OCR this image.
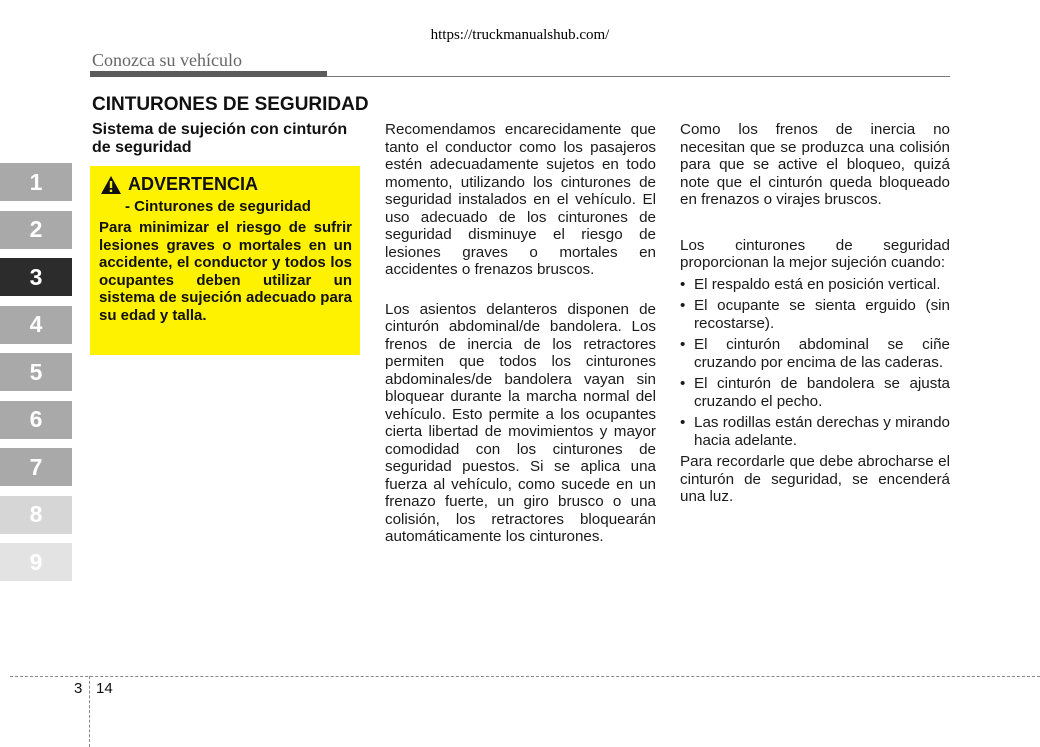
https://truckmanualshub.com/
Conozca su vehículo
CINTURONES DE SEGURIDAD
Sistema de sujeción con cinturón de seguridad
1
2
3
4
5
6
7
8
9
ADVERTENCIA
- Cinturones de seguridad
Para minimizar el riesgo de sufrir lesiones graves o mortales en un accidente, el conductor y todos los ocupantes deben utilizar un sistema de sujeción adecuado para su edad y talla.

Recomendamos encarecidamente que tanto el conductor como los pasajeros estén adecuadamente sujetos en todo momento, utilizando los cinturones de seguridad instalados en el vehículo. El uso adecuado de los cinturones de seguridad disminuye el riesgo de lesiones graves o mortales en accidentes o frenazos bruscos.

Los asientos delanteros disponen de cinturón abdominal/de bandolera. Los frenos de inercia de los retractores permiten que todos los cinturones abdominales/de bandolera vayan sin bloquear durante la marcha normal del vehículo. Esto permite a los ocupantes cierta libertad de movimientos y mayor comodidad con los cinturones de seguridad puestos. Si se aplica una fuerza al vehículo, como sucede en un frenazo fuerte, un giro brusco o una colisión, los retractores bloquearán automáticamente los cinturones.

Como los frenos de inercia no necesitan que se produzca una colisión para que se active el bloqueo, quizá note que el cinturón queda bloqueado en frenazos o virajes bruscos.

Los cinturones de seguridad proporcionan la mejor sujeción cuando:

• El respaldo está en posición vertical.
• El ocupante se sienta erguido (sin recostarse).
• El cinturón abdominal se ciñe cruzando por encima de las caderas.
• El cinturón de bandolera se ajusta cruzando el pecho.
• Las rodillas están derechas y mirando hacia adelante.

Para recordarle que debe abrocharse el cinturón de seguridad, se encenderá una luz.

3 14
